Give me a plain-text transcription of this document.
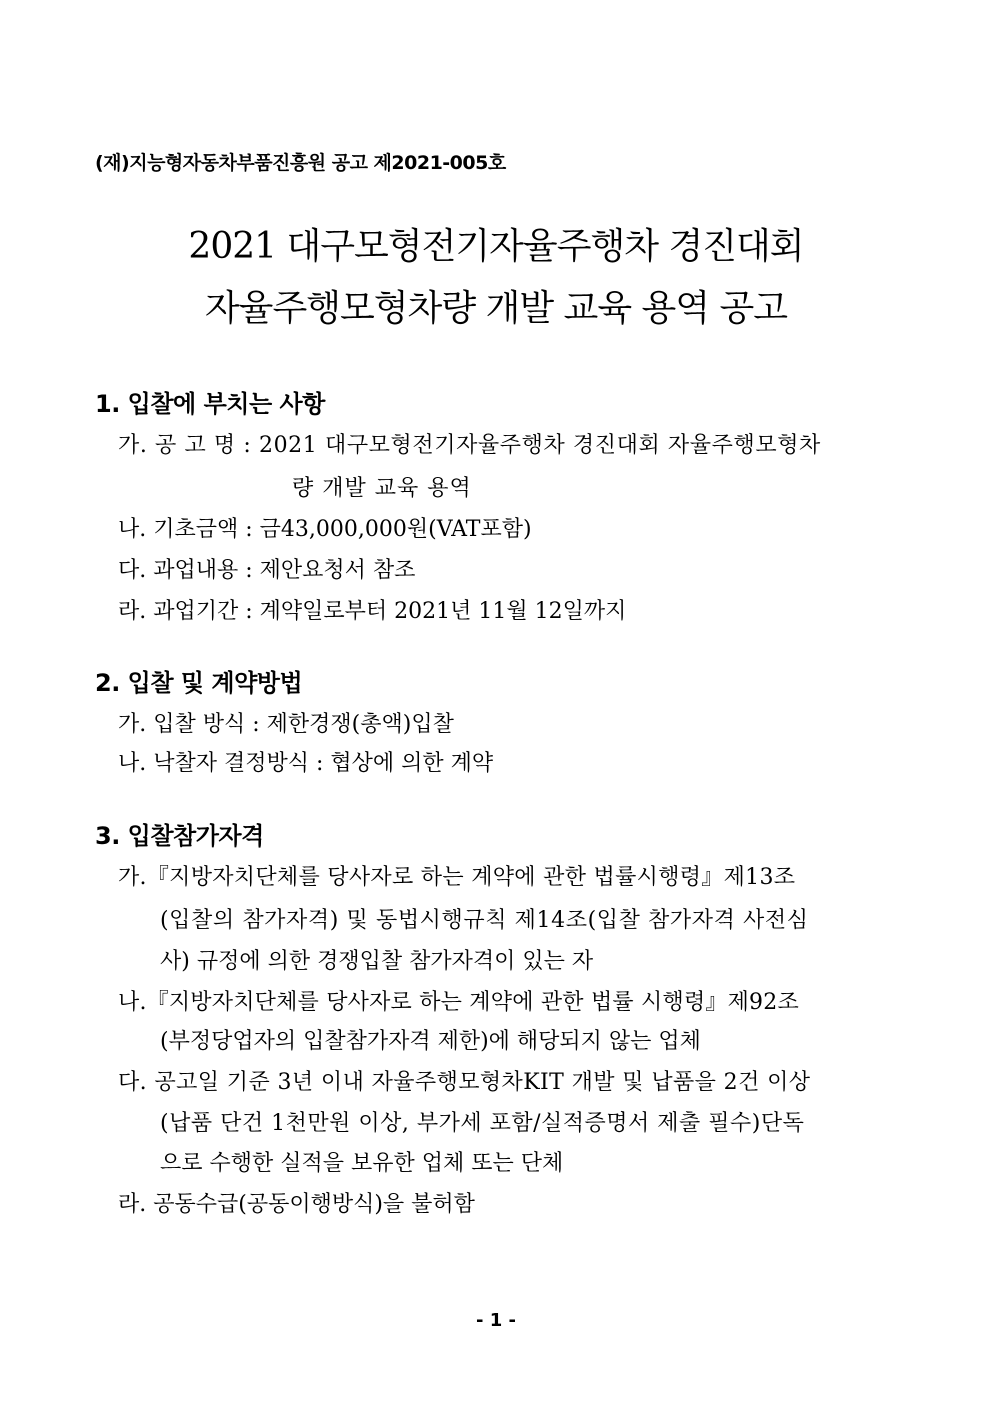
(재)지능형자동차부품진흥원 공고 제2021-005호
2021 대구모형전기자율주행차 경진대회
자율주행모형차량 개발 교육 용역 공고
1. 입찰에 부치는 사항
가. 공 고 명 : 2021 대구모형전기자율주행차 경진대회 자율주행모형차
량 개발 교육 용역
나. 기초금액 : 금43,000,000원(VAT포함)
다. 과업내용 : 제안요청서 참조
라. 과업기간 : 계약일로부터 2021년 11월 12일까지
2. 입찰 및 계약방법
가. 입찰 방식 : 제한경쟁(총액)입찰
나. 낙찰자 결정방식 : 협상에 의한 계약
3. 입찰참가자격
가.『지방자치단체를 당사자로 하는 계약에 관한 법률시행령』제13조
(입찰의 참가자격) 및 동법시행규칙 제14조(입찰 참가자격 사전심
사) 규정에 의한 경쟁입찰 참가자격이 있는 자
나.『지방자치단체를 당사자로 하는 계약에 관한 법률 시행령』제92조
(부정당업자의 입찰참가자격 제한)에 해당되지 않는 업체
다. 공고일 기준 3년 이내 자율주행모형차KIT 개발 및 납품을 2건 이상
(납품 단건 1천만원 이상, 부가세 포함/실적증명서 제출 필수)단독
으로 수행한 실적을 보유한 업체 또는 단체
라. 공동수급(공동이행방식)을 불허함
- 1 -
